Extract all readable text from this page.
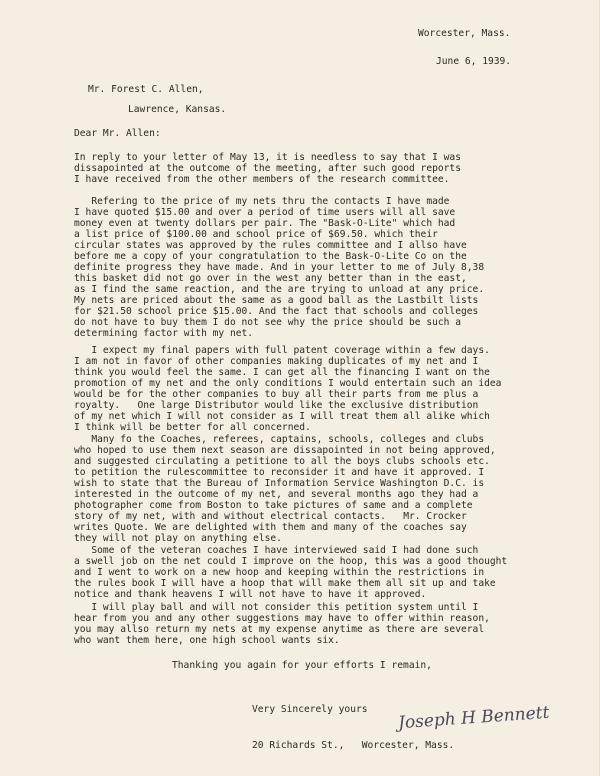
Worcester, Mass.

June 6, 1939.

Mr. Forest C. Allen,

Lawrence, Kansas.

Dear Mr. Allen:

In reply to your letter of May 13, it is needless to say that I was
dissapointed at the outcome of the meeting, after such good reports
I have received from the other members of the research committee.
Refering to the price of my nets thru the contacts I have made
I have quoted $15.00 and over a period of time users will all save
money even at twenty dollars per pair. The "Bask-O-Lite" which had
a list price of $100.00 and school price of $69.50. which their
circular states was approved by the rules committee and I allso have
before me a copy of your congratulation to the Bask-O-Lite Co on the
definite progress they have made. And in your letter to me of July 8,38
this basket did not go over in the west any better than in the east,
as I find the same reaction, and the are trying to unload at any price.
My nets are priced about the same as a good ball as the Lastbilt lists
for $21.50 school price $15.00. And the fact that schools and colleges
do not have to buy them I do not see why the price should be such a
determining factor with my net.
I expect my final papers with full patent coverage within a few days.
I am not in favor of other companies making duplicates of my net and I
think you would feel the same. I can get all the financing I want on the
promotion of my net and the only conditions I would entertain such an idea
would be for the other companies to buy all their parts from me plus a
royalty.   One large Distributor would like the exclusive distribution
of my net which I will not consider as I will treat them all alike which
I think will be better for all concerned.
Many fo the Coaches, referees, captains, schools, colleges and clubs
who hoped to use them next season are dissapointed in not being approved,
and suggested circulating a petitione to all the boys clubs schools etc.
to petition the rulescommittee to reconsider it and have it approved. I
wish to state that the Bureau of Information Service Washington D.C. is
interested in the outcome of my net, and several months ago they had a
photographer come from Boston to take pictures of same and a complete
story of my net, with and without electrical contacts.   Mr. Crocker
writes Quote. We are delighted with them and many of the coaches say
they will not play on anything else.
Some of the veteran coaches I have interviewed said I had done such
a swell job on the net could I improve on the hoop, this was a good thought
and I went to work on a new hoop and keeping within the restrictions in
the rules book I will have a hoop that will make them all sit up and take
notice and thank heavens I will not have to have it approved.
I will play ball and will not consider this petition system until I
hear from you and any other suggestions may have to offer within reason,
you may allso return my nets at my expense anytime as there are several
who want them here, one high school wants six.

Thanking you again for your efforts I remain,

Very Sincerely yours Joseph H Bennett

20 Richards St.,   Worcester, Mass.
